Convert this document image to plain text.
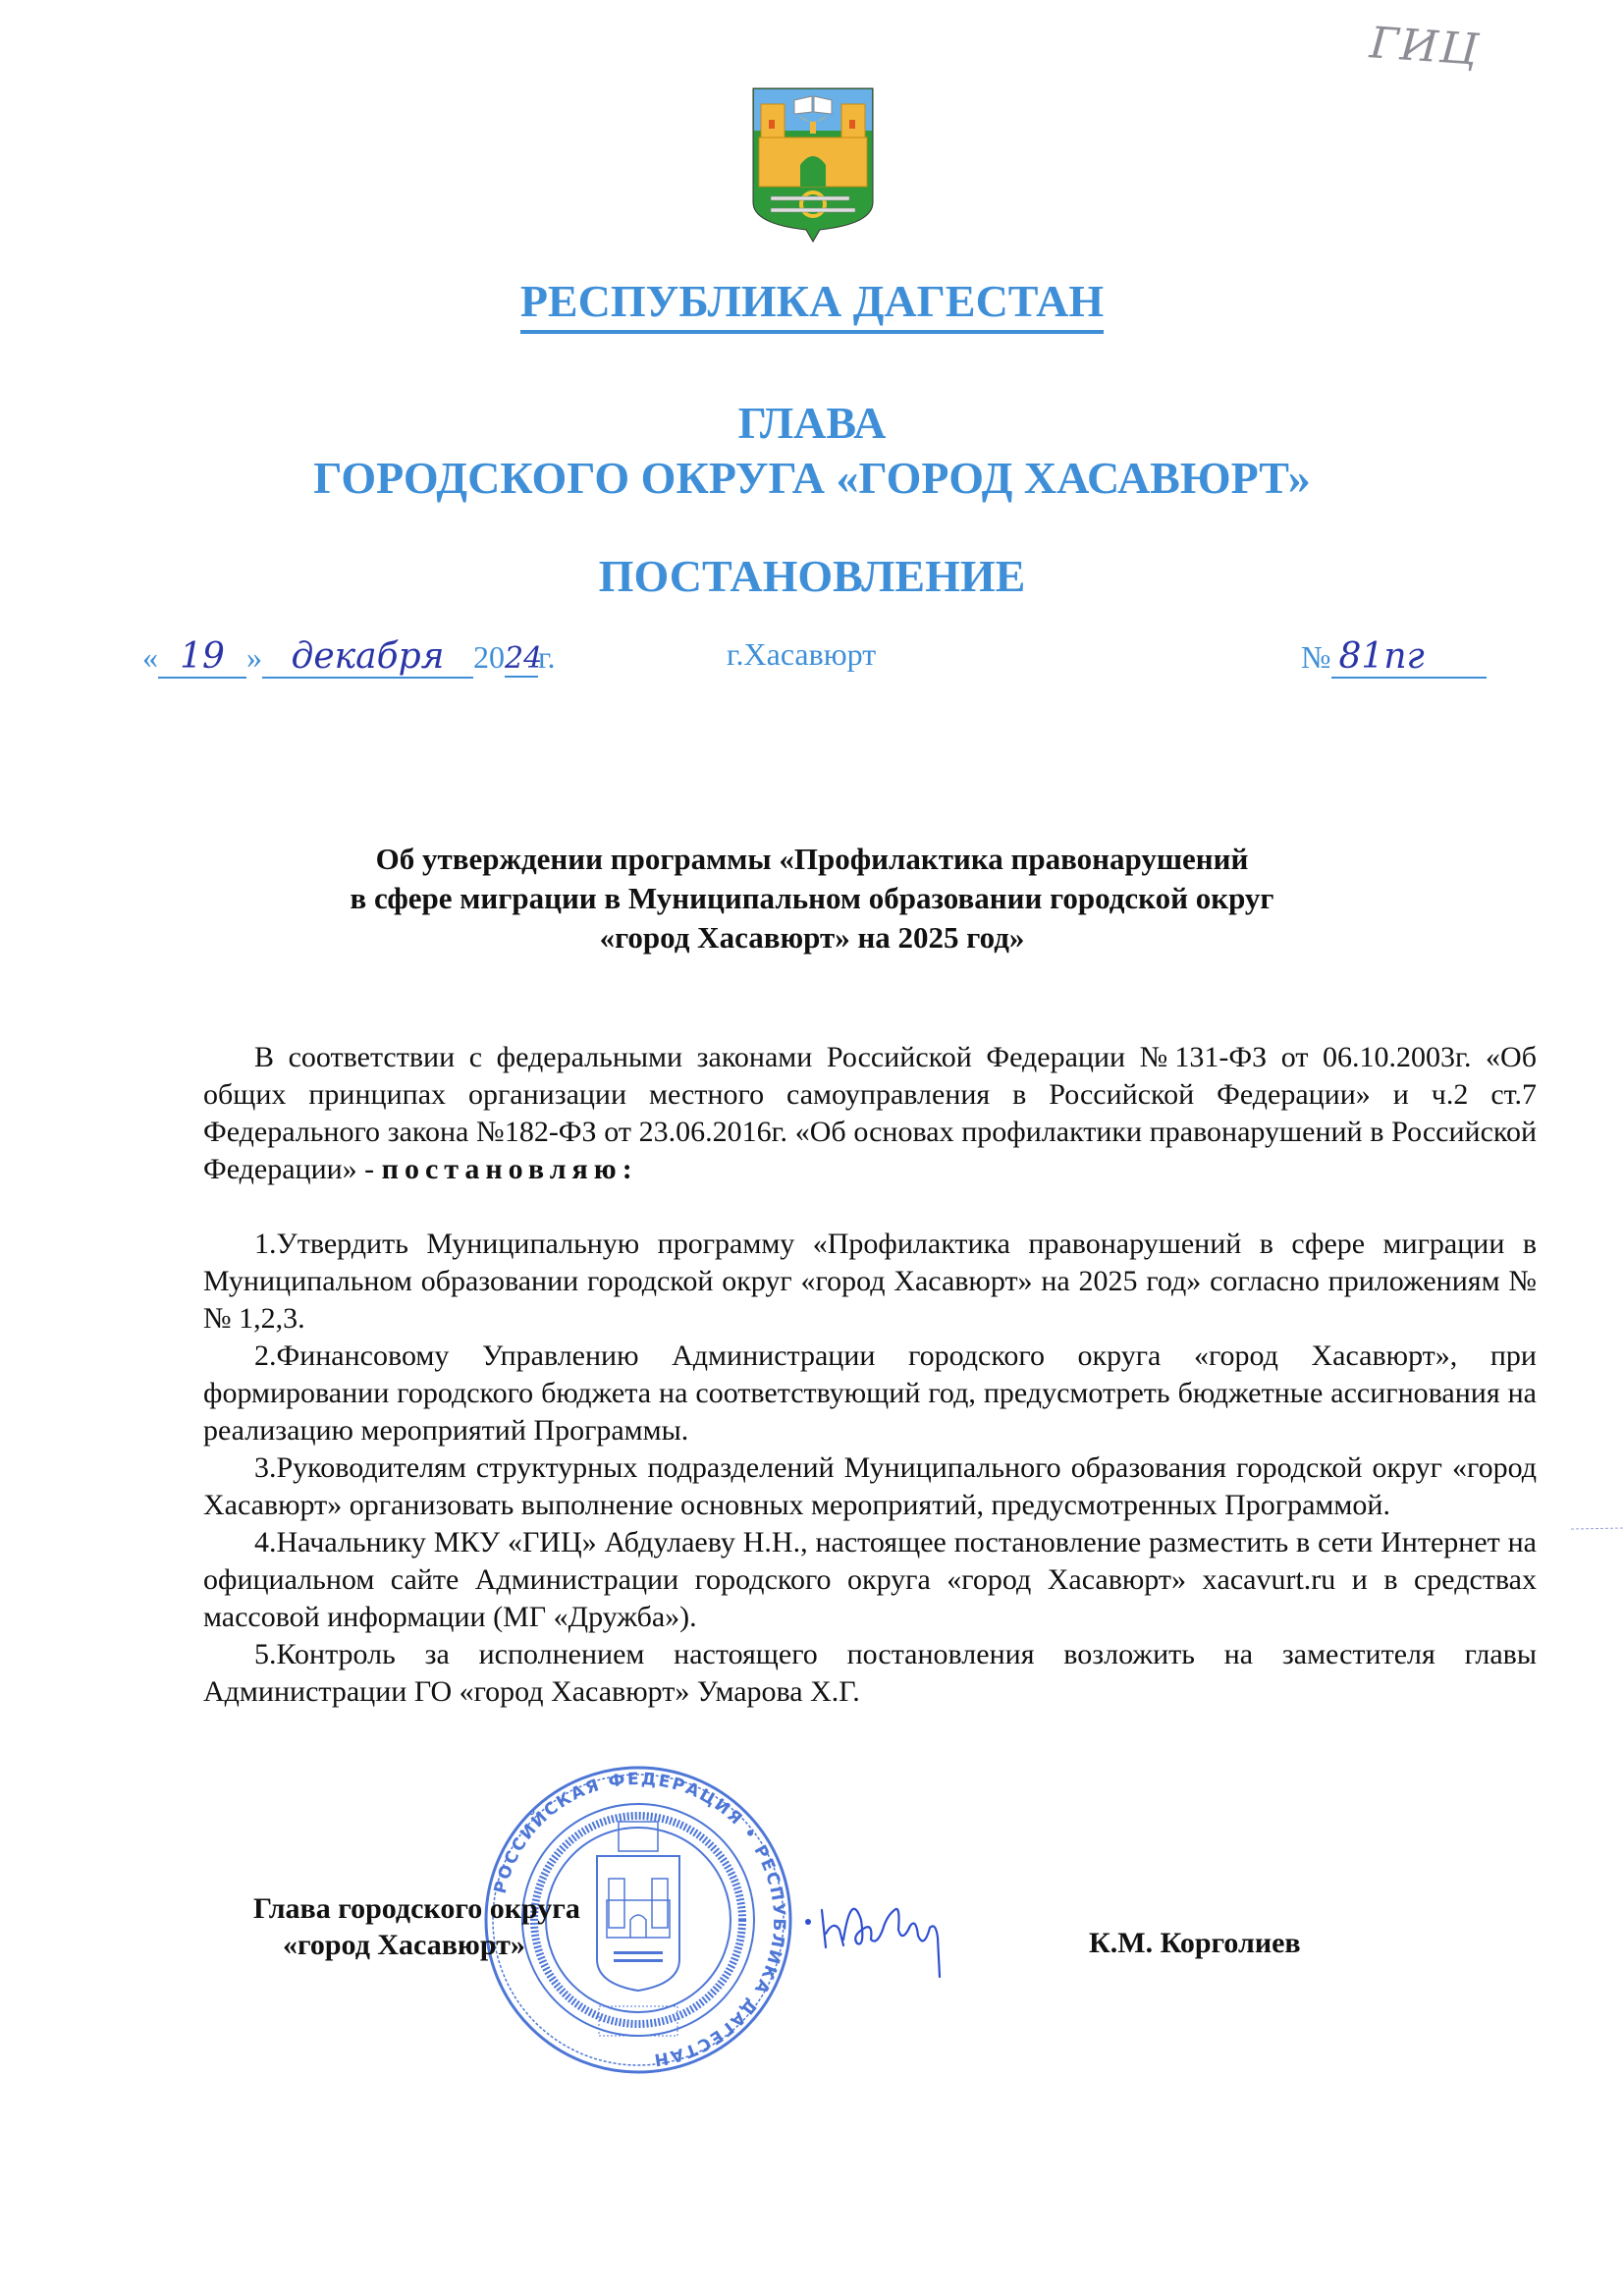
ГИЦ
РЕСПУБЛИКА ДАГЕСТАН
ГЛАВА
ГОРОДСКОГО ОКРУГА «ГОРОД ХАСАВЮРТ»
ПОСТАНОВЛЕНИЕ
« 19 » декабря 2024г.	г.Хасавюрт	№ 81пг
Об утверждении программы «Профилактика правонарушений
в сфере миграции в Муниципальном образовании городской округ
«город Хасавюрт» на 2025 год»

В соответствии с федеральными законами Российской Федерации №131-ФЗ от 06.10.2003г. «Об общих принципах организации местного самоуправления в Российской Федерации» и ч.2 ст.7 Федерального закона №182-ФЗ от 23.06.2016г. «Об основах профилактики правонарушений в Российской Федерации» - постановляю:

1.Утвердить Муниципальную программу «Профилактика правонарушений в сфере миграции в Муниципальном образовании городской округ «город Хасавюрт» на 2025 год» согласно приложениям №№ 1,2,3.

2.Финансовому Управлению Администрации городского округа «город Хасавюрт», при формировании городского бюджета на соответствующий год, предусмотреть бюджетные ассигнования на реализацию мероприятий Программы.

3.Руководителям структурных подразделений Муниципального образования городской округ «город Хасавюрт» организовать выполнение основных мероприятий, предусмотренных Программой.

4.Начальнику МКУ «ГИЦ» Абдулаеву Н.Н., настоящее постановление разместить в сети Интернет на официальном сайте Администрации городского округа «город Хасавюрт» xacavurt.ru и в средствах массовой информации (МГ «Дружба»).

5.Контроль за исполнением настоящего постановления возложить на заместителя главы Администрации ГО «город Хасавюрт» Умарова Х.Г.

РОССИЙСКАЯ ФЕДЕРАЦИЯ • РЕСПУБЛИКА ДАГЕСТАН
Глава городского округа
«город Хасавюрт»	К.М. Корголиев
